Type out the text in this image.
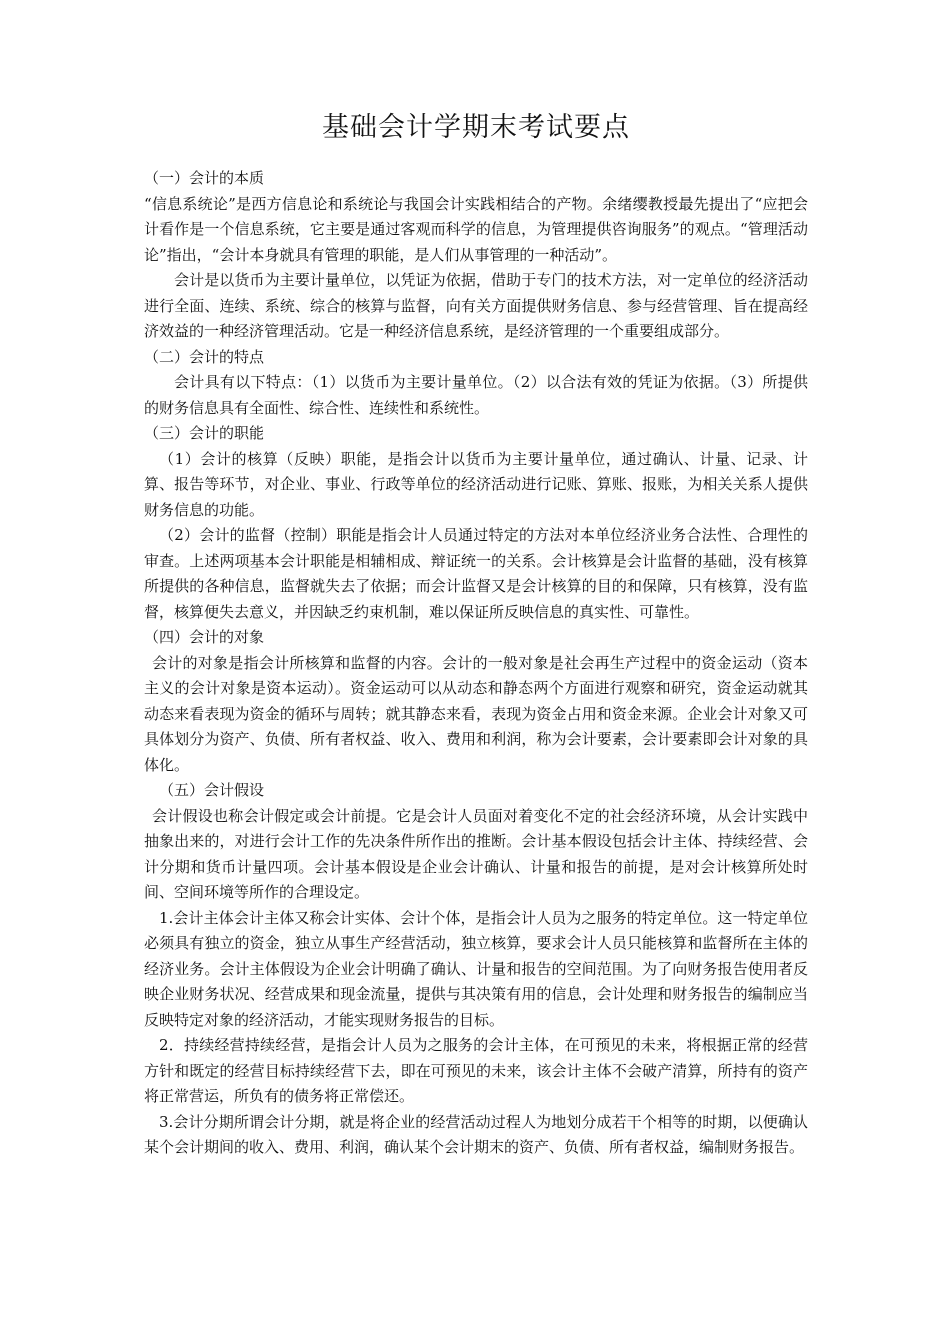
基础会计学期末考试要点

（一）会计的本质

“信息系统论”是西方信息论和系统论与我国会计实践相结合的产物。余绪缨教授最先提出了“应把会计看作是一个信息系统，它主要是通过客观而科学的信息，为管理提供咨询服务”的观点。“管理活动论”指出，“会计本身就具有管理的职能，是人们从事管理的一种活动”。

会计是以货币为主要计量单位，以凭证为依据，借助于专门的技术方法，对一定单位的经济活动进行全面、连续、系统、综合的核算与监督，向有关方面提供财务信息、参与经营管理、旨在提高经济效益的一种经济管理活动。它是一种经济信息系统，是经济管理的一个重要组成部分。

（二）会计的特点

会计具有以下特点：（1）以货币为主要计量单位。（2）以合法有效的凭证为依据。（3）所提供的财务信息具有全面性、综合性、连续性和系统性。

（三）会计的职能

（1）会计的核算（反映）职能，是指会计以货币为主要计量单位，通过确认、计量、记录、计算、报告等环节，对企业、事业、行政等单位的经济活动进行记账、算账、报账，为相关关系人提供财务信息的功能。

（2）会计的监督（控制）职能是指会计人员通过特定的方法对本单位经济业务合法性、合理性的审查。上述两项基本会计职能是相辅相成、辩证统一的关系。会计核算是会计监督的基础，没有核算所提供的各种信息，监督就失去了依据；而会计监督又是会计核算的目的和保障，只有核算，没有监督，核算便失去意义，并因缺乏约束机制，难以保证所反映信息的真实性、可靠性。

（四）会计的对象

会计的对象是指会计所核算和监督的内容。会计的一般对象是社会再生产过程中的资金运动（资本主义的会计对象是资本运动）。资金运动可以从动态和静态两个方面进行观察和研究，资金运动就其动态来看表现为资金的循环与周转；就其静态来看，表现为资金占用和资金来源。企业会计对象又可具体划分为资产、负债、所有者权益、收入、费用和利润，称为会计要素，会计要素即会计对象的具体化。

（五）会计假设

会计假设也称会计假定或会计前提。它是会计人员面对着变化不定的社会经济环境，从会计实践中抽象出来的，对进行会计工作的先决条件所作出的推断。会计基本假设包括会计主体、持续经营、会计分期和货币计量四项。会计基本假设是企业会计确认、计量和报告的前提，是对会计核算所处时间、空间环境等所作的合理设定。

1.会计主体会计主体又称会计实体、会计个体，是指会计人员为之服务的特定单位。这一特定单位必须具有独立的资金，独立从事生产经营活动，独立核算，要求会计人员只能核算和监督所在主体的经济业务。会计主体假设为企业会计明确了确认、计量和报告的空间范围。为了向财务报告使用者反映企业财务状况、经营成果和现金流量，提供与其决策有用的信息，会计处理和财务报告的编制应当反映特定对象的经济活动，才能实现财务报告的目标。

2．持续经营持续经营，是指会计人员为之服务的会计主体，在可预见的未来，将根据正常的经营方针和既定的经营目标持续经营下去，即在可预见的未来，该会计主体不会破产清算，所持有的资产将正常营运，所负有的债务将正常偿还。

3.会计分期所谓会计分期，就是将企业的经营活动过程人为地划分成若干个相等的时期，以便确认某个会计期间的收入、费用、利润，确认某个会计期末的资产、负债、所有者权益，编制财务报告。
